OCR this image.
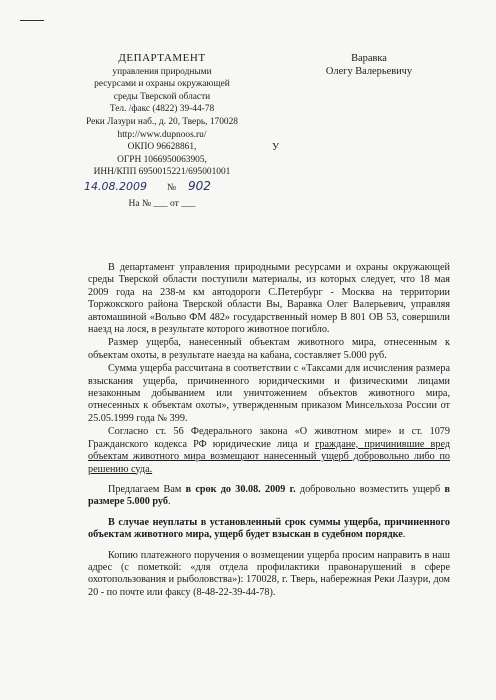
ДЕПАРТАМЕНТ
управления природными
ресурсами и охраны окружающей
среды Тверской области
Тел. /факс (4822) 39-44-78
Реки Лазури наб., д. 20, Тверь, 170028
http://www.dupnoos.ru/
ОКПО 96628861,
ОГРН 1066950063905,
ИНН/КПП 6950015221/695001001
14.08.2009 № 902
На № ___ от ___
Варавка
Олегу Валерьевичу
У

В департамент управления природными ресурсами и охраны окружающей среды Тверской области поступили материалы, из которых следует, что 18 мая 2009 года на 238-м км автодороги С.Петербург - Москва на территории Торжокского района Тверской области Вы, Варавка Олег Валерьевич, управляя автомашиной «Вольво ФМ 482» государственный номер В 801 ОВ 53, совершили наезд на лося, в результате которого животное погибло.

Размер ущерба, нанесенный объектам животного мира, отнесенным к объектам охоты, в результате наезда на кабана, составляет 5.000 руб.

Сумма ущерба рассчитана в соответствии с «Таксами для исчисления размера взыскания ущерба, причиненного юридическими и физическими лицами незаконным добыванием или уничтожением объектов животного мира, отнесенных к объектам охоты», утвержденным приказом Минсельхоза России от 25.05.1999 года № 399.

Согласно ст. 56 Федерального закона «О животном мире» и ст. 1079 Гражданского кодекса РФ юридические лица и граждане, причинившие вред объектам животного мира возмещают нанесенный ущерб добровольно либо по решению суда.

Предлагаем Вам в срок до 30.08. 2009 г. добровольно возместить ущерб в размере 5.000 руб.

В случае неуплаты в установленный срок суммы ущерба, причиненного объектам животного мира, ущерб будет взыскан в судебном порядке.

Копию платежного поручения о возмещении ущерба просим направить в наш адрес (с пометкой: «для отдела профилактики правонарушений в сфере охотопользования и рыболовства»): 170028, г. Тверь, набережная Реки Лазури, дом 20 - по почте или факсу (8-48-22-39-44-78).
